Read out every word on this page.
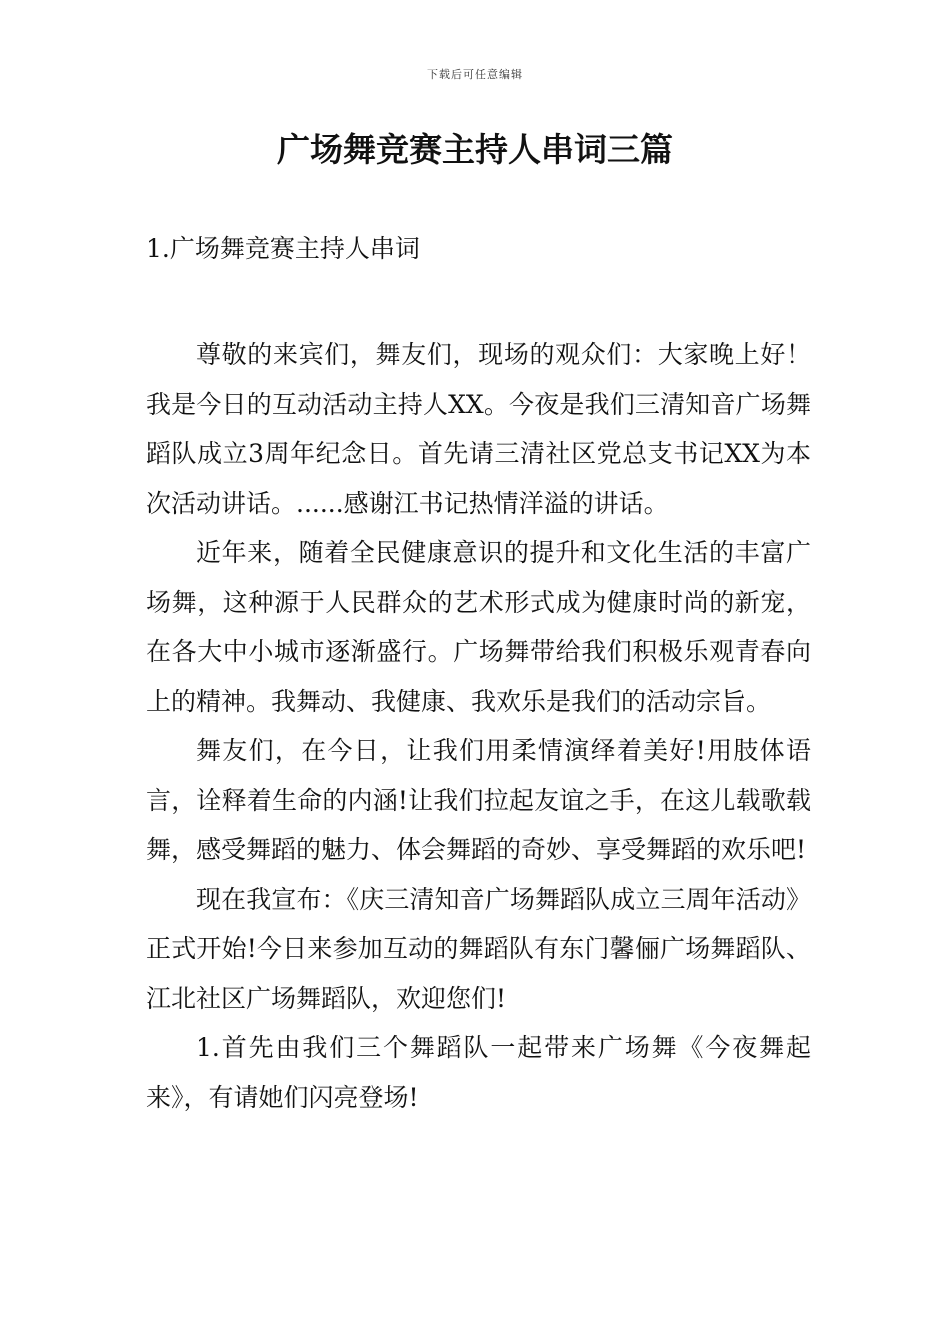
下载后可任意编辑
广场舞竞赛主持人串词三篇
1.广场舞竞赛主持人串词

尊敬的来宾们，舞友们，现场的观众们：大家晚上好！我是今日的互动活动主持人XX。今夜是我们三清知音广场舞蹈队成立3周年纪念日。首先请三清社区党总支书记XX为本次活动讲话。......感谢江书记热情洋溢的讲话。

近年来，随着全民健康意识的提升和文化生活的丰富广场舞，这种源于人民群众的艺术形式成为健康时尚的新宠，在各大中小城市逐渐盛行。广场舞带给我们积极乐观青春向上的精神。我舞动、我健康、我欢乐是我们的活动宗旨。

舞友们，在今日，让我们用柔情演绎着美好!用肢体语言，诠释着生命的内涵!让我们拉起友谊之手，在这儿载歌载舞，感受舞蹈的魅力、体会舞蹈的奇妙、享受舞蹈的欢乐吧!

现在我宣布：《庆三清知音广场舞蹈队成立三周年活动》正式开始!今日来参加互动的舞蹈队有东门馨俪广场舞蹈队、江北社区广场舞蹈队，欢迎您们!

1.首先由我们三个舞蹈队一起带来广场舞《今夜舞起来》，有请她们闪亮登场!
